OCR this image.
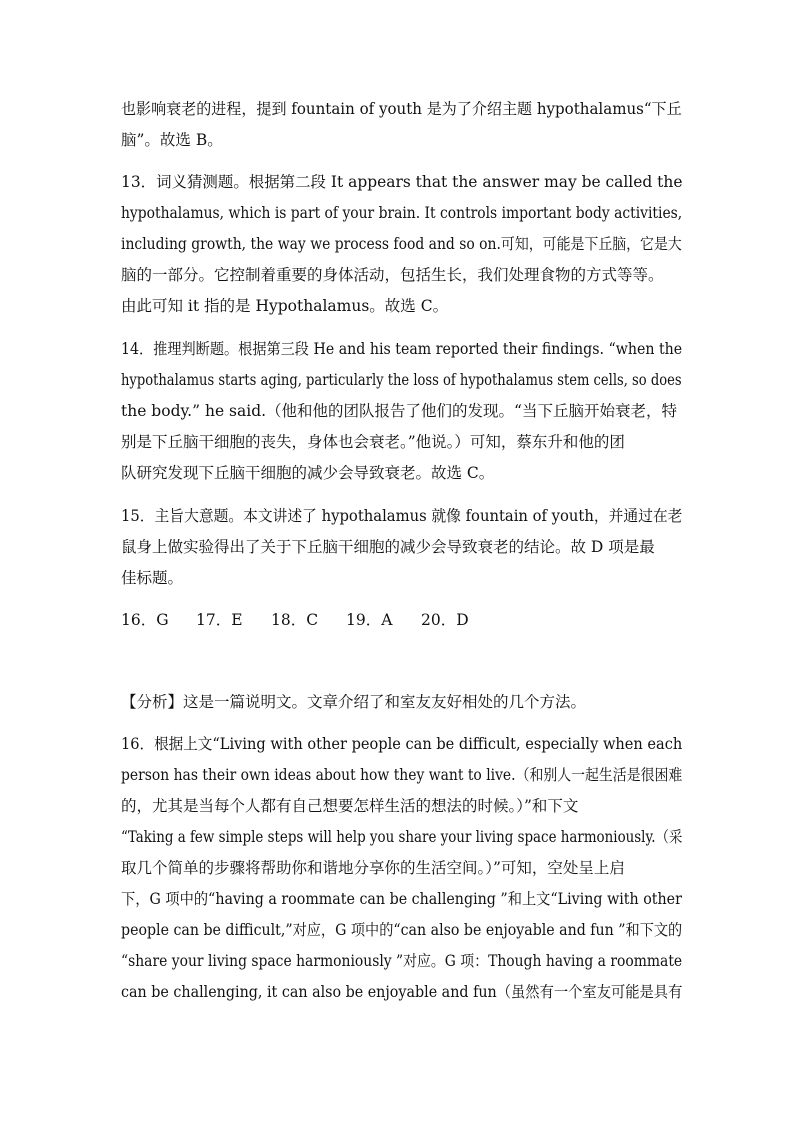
也影响衰老的进程，提到 fountain of youth 是为了介绍主题 hypothalamus“下丘
脑”。故选 B。
13．词义猜测题。根据第二段 It appears that the answer may be called the
hypothalamus, which is part of your brain. It controls important body activities,
including growth, the way we process food and so on.可知，可能是下丘脑，它是大
脑的一部分。它控制着重要的身体活动，包括生长，我们处理食物的方式等等。
由此可知 it 指的是 Hypothalamus。故选 C。
14．推理判断题。根据第三段 He and his team reported their findings. “when the
hypothalamus starts aging, particularly the loss of hypothalamus stem cells, so does
the body.” he said.（他和他的团队报告了他们的发现。“当下丘脑开始衰老，特
别是下丘脑干细胞的丧失，身体也会衰老。”他说。）可知，蔡东升和他的团
队研究发现下丘脑干细胞的减少会导致衰老。故选 C。
15．主旨大意题。本文讲述了 hypothalamus 就像 fountain of youth，并通过在老
鼠身上做实验得出了关于下丘脑干细胞的减少会导致衰老的结论。故 D 项是最
佳标题。
16．G 17．E 18．C 19．A 20．D
【分析】这是一篇说明文。文章介绍了和室友友好相处的几个方法。
16．根据上文“Living with other people can be difficult, especially when each
person has their own ideas about how they want to live.（和别人一起生活是很困难
的，尤其是当每个人都有自己想要怎样生活的想法的时候。）”和下文
“Taking a few simple steps will help you share your living space harmoniously.（采
取几个简单的步骤将帮助你和谐地分享你的生活空间。）”可知，空处呈上启
下，G 项中的“having a roommate can be challenging ”和上文“Living with other
people can be difficult,”对应，G 项中的“can also be enjoyable and fun ”和下文的
“share your living space harmoniously ”对应。G 项：Though having a roommate
can be challenging, it can also be enjoyable and fun（虽然有一个室友可能是具有
